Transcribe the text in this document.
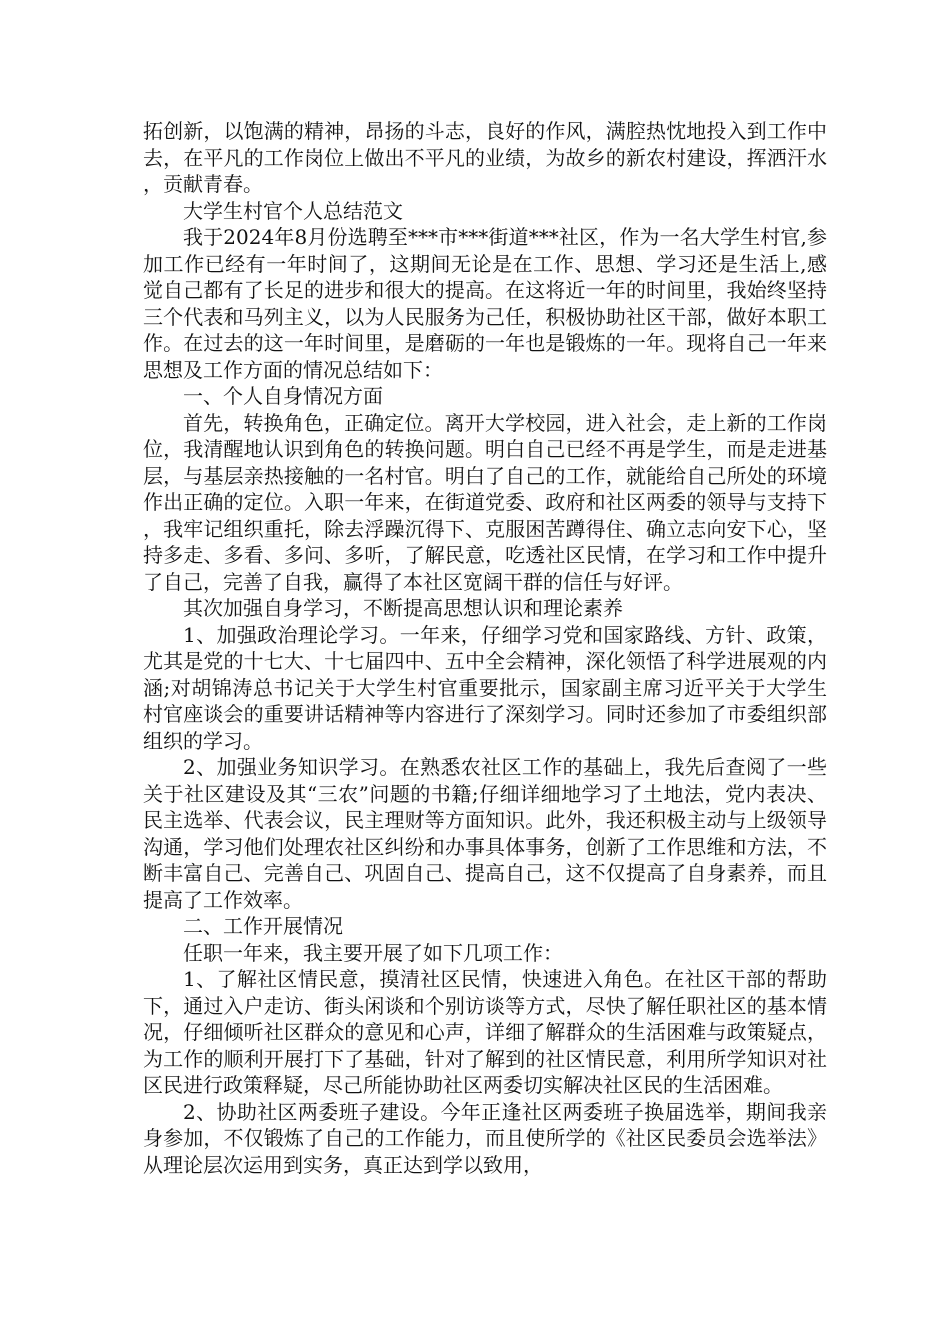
拓创新，以饱满的精神，昂扬的斗志，良好的作风，满腔热忱地投入到工作中去，在平凡的工作岗位上做出不平凡的业绩，为故乡的新农村建设，挥洒汗水，贡献青春。

大学生村官个人总结范文

我于2024年8月份选聘至***市***街道***社区，作为一名大学生村官,参加工作已经有一年时间了，这期间无论是在工作、思想、学习还是生活上,感觉自己都有了长足的进步和很大的提高。在这将近一年的时间里，我始终坚持三个代表和马列主义，以为人民服务为己任，积极协助社区干部，做好本职工作。在过去的这一年时间里，是磨砺的一年也是锻炼的一年。现将自己一年来思想及工作方面的情况总结如下：

一、个人自身情况方面

首先，转换角色，正确定位。离开大学校园，进入社会，走上新的工作岗位，我清醒地认识到角色的转换问题。明白自己已经不再是学生，而是走进基层，与基层亲热接触的一名村官。明白了自己的工作，就能给自己所处的环境作出正确的定位。入职一年来，在街道党委、政府和社区两委的领导与支持下，我牢记组织重托，除去浮躁沉得下、克服困苦蹲得住、确立志向安下心，坚持多走、多看、多问、多听，了解民意，吃透社区民情，在学习和工作中提升了自己，完善了自我，赢得了本社区宽阔干群的信任与好评。

其次加强自身学习，不断提高思想认识和理论素养

1、加强政治理论学习。一年来，仔细学习党和国家路线、方针、政策，尤其是党的十七大、十七届四中、五中全会精神，深化领悟了科学进展观的内涵;对胡锦涛总书记关于大学生村官重要批示，国家副主席习近平关于大学生村官座谈会的重要讲话精神等内容进行了深刻学习。同时还参加了市委组织部组织的学习。

2、加强业务知识学习。在熟悉农社区工作的基础上，我先后查阅了一些关于社区建设及其“三农”问题的书籍;仔细详细地学习了土地法，党内表决、民主选举、代表会议，民主理财等方面知识。此外，我还积极主动与上级领导沟通，学习他们处理农社区纠纷和办事具体事务，创新了工作思维和方法，不断丰富自己、完善自己、巩固自己、提高自己，这不仅提高了自身素养，而且提高了工作效率。

二、工作开展情况

任职一年来，我主要开展了如下几项工作：

1、了解社区情民意，摸清社区民情，快速进入角色。在社区干部的帮助下，通过入户走访、街头闲谈和个别访谈等方式，尽快了解任职社区的基本情况，仔细倾听社区群众的意见和心声，详细了解群众的生活困难与政策疑点，为工作的顺利开展打下了基础，针对了解到的社区情民意，利用所学知识对社区民进行政策释疑，尽己所能协助社区两委切实解决社区民的生活困难。

2、协助社区两委班子建设。今年正逢社区两委班子换届选举，期间我亲身参加，不仅锻炼了自己的工作能力，而且使所学的《社区民委员会选举法》从理论层次运用到实务，真正达到学以致用，
